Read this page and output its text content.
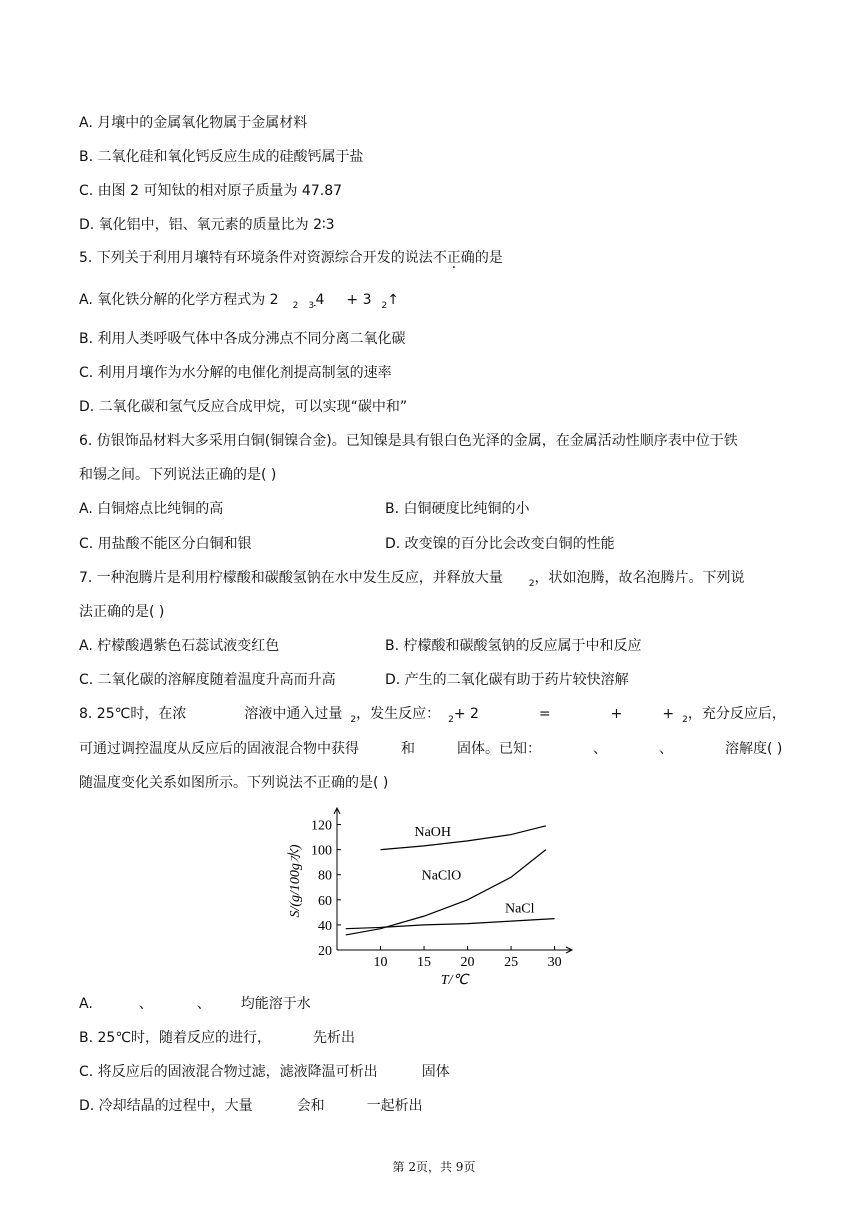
A. 月壤中的金属氧化物属于金属材料
B. 二氧化硅和氧化钙反应生成的硅酸钙属于盐
C. 由图 2 可知钛的相对原子质量为 47.87
D. 氧化铝中，铝、氧元素的质量比为 2∶3
5. 下列关于利用月壤特有环境条件对资源综合开发的说法不正确的是
A. 氧化铁分解的化学方程式为 2 $_2$ $_3$ 4 + 3 $_2$↑
B. 利用人类呼吸气体中各成分沸点不同分离二氧化碳
C. 利用月壤作为水分解的电催化剂提高制氢的速率
D. 二氧化碳和氢气反应合成甲烷，可以实现“碳中和”
6. 仿银饰品材料大多采用白铜(铜镍合金)。已知镍是具有银白色光泽的金属，在金属活动性顺序表中位于铁
和锡之间。下列说法正确的是( )
A. 白铜熔点比纯铜的高	B. 白铜硬度比纯铜的小
C. 用盐酸不能区分白铜和银	D. 改变镍的百分比会改变白铜的性能
7. 一种泡腾片是利用柠檬酸和碳酸氢钠在水中发生反应，并释放大量	$_2$，状如泡腾，故名泡腾片。下列说
法正确的是( )
A. 柠檬酸遇紫色石蕊试液变红色	B. 柠檬酸和碳酸氢钠的反应属于中和反应
C. 二氧化碳的溶解度随着温度升高而升高	D. 产生的二氧化碳有助于药片较快溶解
8. 25℃时，在浓	溶液中通入过量 $_2$，发生反应： $_2$+ 2	=	+	+ $_2$，充分反应后，
可通过调控温度从反应后的固液混合物中获得	和	固体。已知：	、	、	溶解度( )
随温度变化关系如图所示。下列说法不正确的是( )
10 15 20 25 30
20
40
60
80
100
120
T/℃
S/(g/100g水)
NaOH
NaClO
NaCl
A.	、	、 均能溶于水
B. 25℃时，随着反应的进行，	先析出
C. 将反应后的固液混合物过滤，滤液降温可析出	固体
D. 冷却结晶的过程中，大量	会和	一起析出
第 2页，共 9页
